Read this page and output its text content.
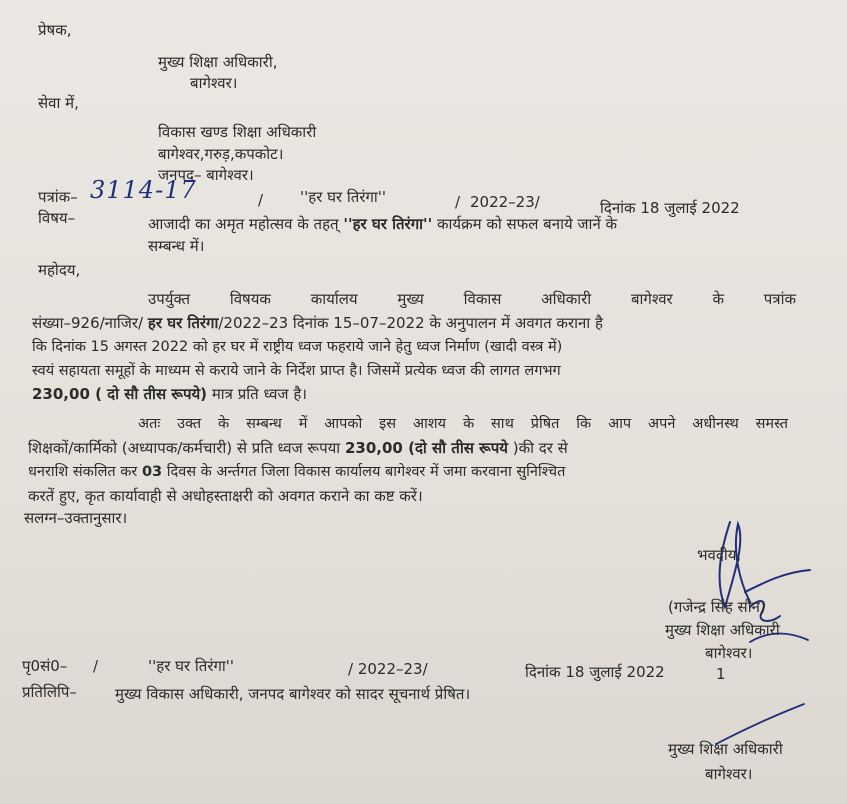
प्रेषक,
मुख्य शिक्षा अधिकारी,
बागेश्वर।
सेवा में,
विकास खण्ड शिक्षा अधिकारी
बागेश्वर,गरुड़,कपकोट।
जनपद– बागेश्वर।
पत्रांक– 3114-17	/ ''हर घर तिरंगा''	/ 2022–23/	दिनांक 18 जुलाई 2022
विषय–	आजादी का अमृत महोत्सव के तहत् ''हर घर तिरंगा'' कार्यक्रम को सफल बनाये जानें के
सम्बन्ध में।
महोदय,
उपर्युक्त विषयक कार्यालय मुख्य विकास अधिकारी बागेश्वर के पत्रांक
संख्या–926/नाजिर/ हर घर तिरंगा/2022–23 दिनांक 15–07–2022 के अनुपालन में अवगत कराना है
कि दिनांक 15 अगस्त 2022 को हर घर में राष्ट्रीय ध्वज फहराये जाने हेतु ध्वज निर्माण (खादी वस्त्र में)
स्वयं सहायता समूहों के माध्यम से कराये जाने के निर्देश प्राप्त है। जिसमें प्रत्येक ध्वज की लागत लगभग
230,00 ( दो सौ तीस रूपये) मात्र प्रति ध्वज है।
अतः उक्त के सम्बन्ध में आपको इस आशय के साथ प्रेषित कि आप अपने अधीनस्थ समस्त
शिक्षकों/कार्मिको (अध्यापक/कर्मचारी) से प्रति ध्वज रूपया 230,00 (दो सौ तीस रूपये )की दर से
धनराशि संकलित कर 03 दिवस के अर्न्तगत जिला विकास कार्यालय बागेश्वर में जमा करवाना सुनिश्चित
करतें हुए, कृत कार्यावाही से अधोहस्ताक्षरी को अवगत कराने का कष्ट करें।
सलग्न–उक्तानुसार।
भवदीय,
(गजेन्द्र सिंह सौन)
मुख्य शिक्षा अधिकारी
बागेश्वर।
पृ0सं0– /	''हर घर तिरंगा''	/ 2022–23/	दिनांक 18 जुलाई 2022	1
प्रतिलिपि–	मुख्य विकास अधिकारी, जनपद बागेश्वर को सादर सूचनार्थ प्रेषित।
मुख्य शिक्षा अधिकारी
बागेश्वर।
